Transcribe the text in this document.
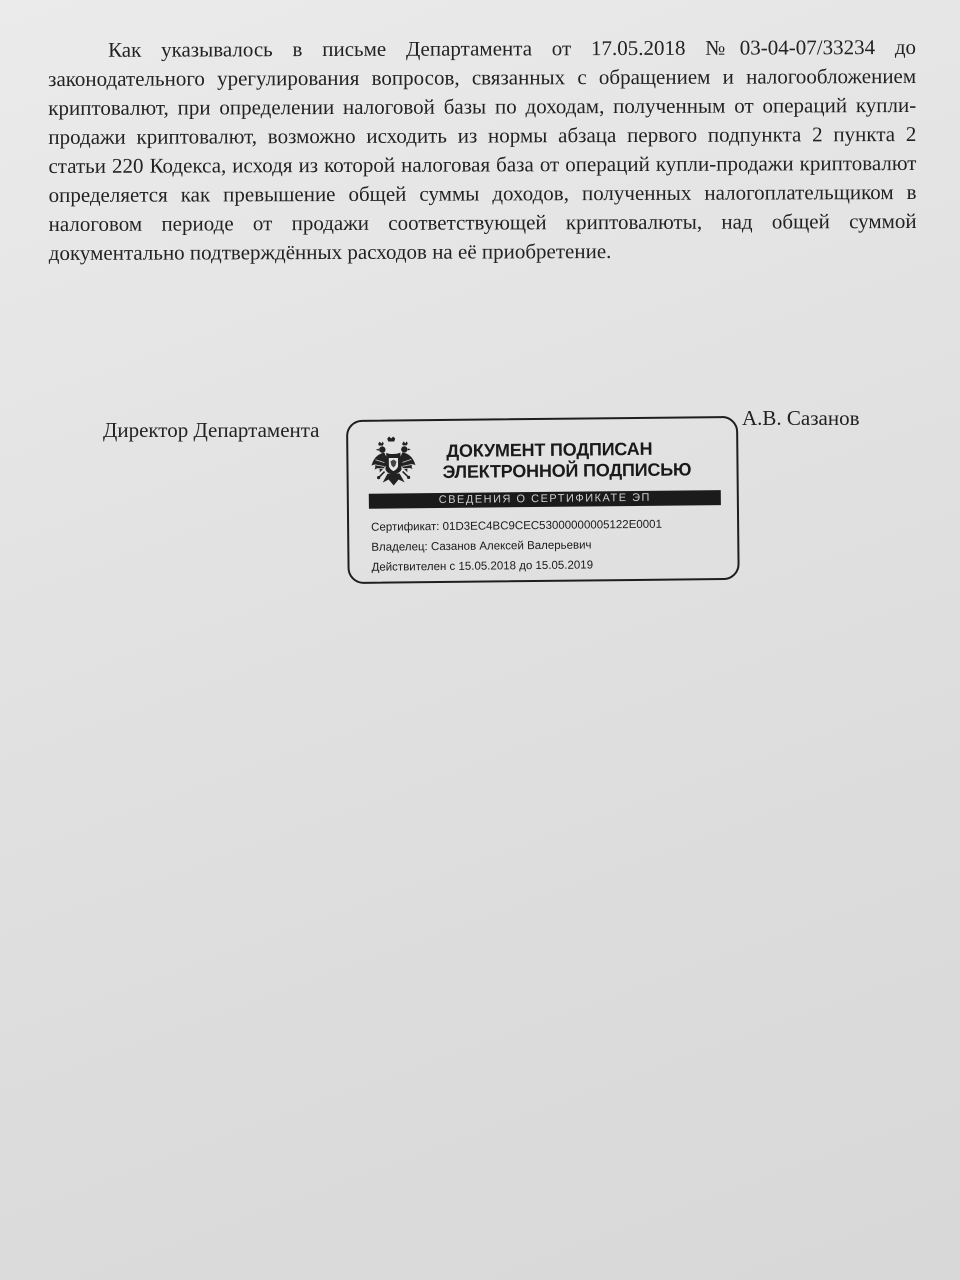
Как указывалось в письме Департамента от 17.05.2018 №03-04-07/33234 до законодательного урегулирования вопросов, связанных с обращением и налогообложением криптовалют, при определении налоговой базы по доходам, полученным от операций купли-продажи криптовалют, возможно исходить из нормы абзаца первого подпункта 2 пункта 2 статьи 220 Кодекса, исходя из которой налоговая база от операций купли-продажи криптовалют определяется как превышение общей суммы доходов, полученных налогоплательщиком в налоговом периоде от продажи соответствующей криптовалюты, над общей суммой документально подтверждённых расходов на её приобретение.

Директор Департамента	А.В. Сазанов
ДОКУМЕНТ ПОДПИСАН
ЭЛЕКТРОННОЙ ПОДПИСЬЮ
СВЕДЕНИЯ О СЕРТИФИКАТЕ ЭП
Сертификат: 01D3EC4BC9CEC53000000005122E0001
Владелец: Сазанов Алексей Валерьевич
Действителен с 15.05.2018 до 15.05.2019
